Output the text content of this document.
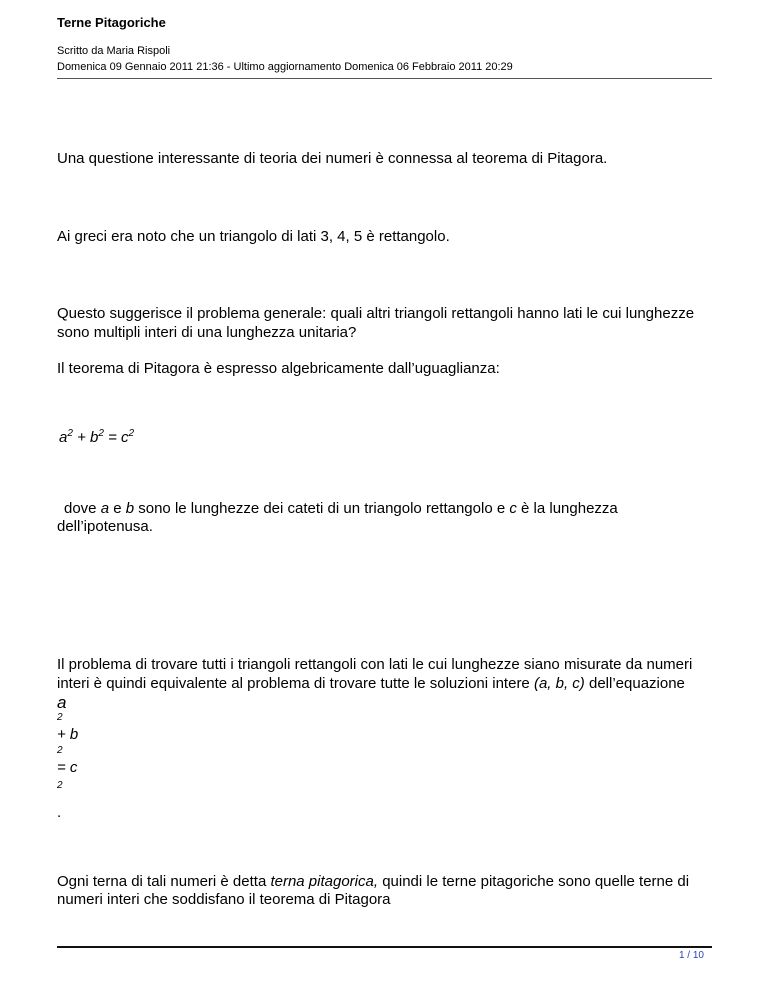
Terne Pitagoriche
Scritto da Maria Rispoli
Domenica 09 Gennaio 2011 21:36 - Ultimo aggiornamento Domenica 06 Febbraio 2011 20:29
Una questione interessante di teoria dei numeri è connessa al teorema di Pitagora.
Ai greci era noto che un triangolo di lati 3, 4, 5 è rettangolo.
Questo suggerisce il problema generale: quali altri triangoli rettangoli hanno lati le cui lunghezze
sono multipli interi di una lunghezza unitaria?
Il teorema di Pitagora è espresso algebricamente dall’uguaglianza:
$a^2 + b^2 = c^2$
dove a e b sono le lunghezze dei cateti di un triangolo rettangolo e c è la lunghezza
dell’ipotenusa.
Il problema di trovare tutti i triangoli rettangoli con lati le cui lunghezze siano misurate da numeri
interi è quindi equivalente al problema di trovare tutte le soluzioni intere (a, b, c) dell’equazione
a
2
+ b
2
= c
2
.
Ogni terna di tali numeri è detta terna pitagorica, quindi le terne pitagoriche sono quelle terne di
numeri interi che soddisfano il teorema di Pitagora
1 / 10
